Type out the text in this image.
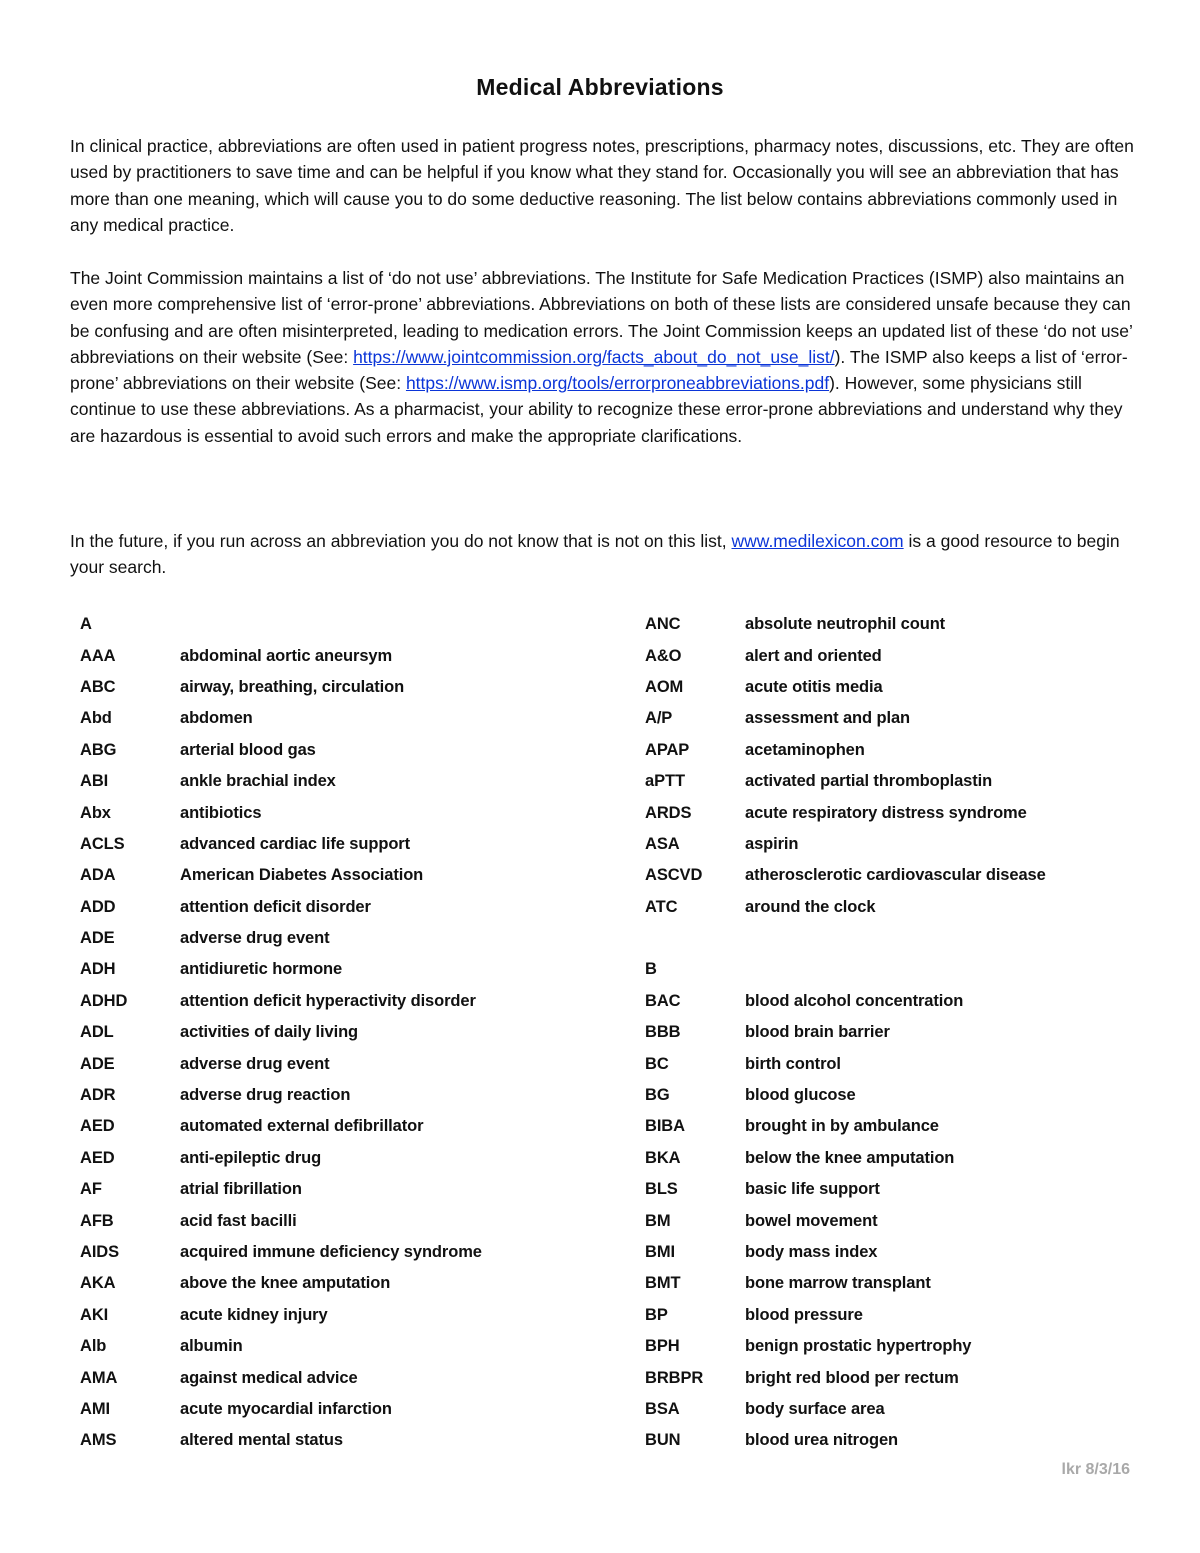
Medical Abbreviations

In clinical practice, abbreviations are often used in patient progress notes, prescriptions, pharmacy notes, discussions, etc. They are often used by practitioners to save time and can be helpful if you know what they stand for. Occasionally you will see an abbreviation that has more than one meaning, which will cause you to do some deductive reasoning. The list below contains abbreviations commonly used in any medical practice.

The Joint Commission maintains a list of ‘do not use’ abbreviations. The Institute for Safe Medication Practices (ISMP) also maintains an even more comprehensive list of ‘error-prone’ abbreviations. Abbreviations on both of these lists are considered unsafe because they can be confusing and are often misinterpreted, leading to medication errors. The Joint Commission keeps an updated list of these ‘do not use’ abbreviations on their website (See: https://www.jointcommission.org/facts_about_do_not_use_list/). The ISMP also keeps a list of ‘error-prone’ abbreviations on their website (See: https://www.ismp.org/tools/errorproneabbreviations.pdf). However, some physicians still continue to use these abbreviations. As a pharmacist, your ability to recognize these error-prone abbreviations and understand why they are hazardous is essential to avoid such errors and make the appropriate clarifications.

In the future, if you run across an abbreviation you do not know that is not on this list, www.medilexicon.com is a good resource to begin your search.

A
AAA	abdominal aortic aneursym
ABC	airway, breathing, circulation
Abd	abdomen
ABG	arterial blood gas
ABI	ankle brachial index
Abx	antibiotics
ACLS	advanced cardiac life support
ADA	American Diabetes Association
ADD	attention deficit disorder
ADE	adverse drug event
ADH	antidiuretic hormone
ADHD	attention deficit hyperactivity disorder
ADL	activities of daily living
ADE	adverse drug event
ADR	adverse drug reaction
AED	automated external defibrillator
AED	anti-epileptic drug
AF	atrial fibrillation
AFB	acid fast bacilli
AIDS	acquired immune deficiency syndrome
AKA	above the knee amputation
AKI	acute kidney injury
Alb	albumin
AMA	against medical advice
AMI	acute myocardial infarction
AMS	altered mental status
ANC	absolute neutrophil count
A&O	alert and oriented
AOM	acute otitis media
A/P	assessment and plan
APAP	acetaminophen
aPTT	activated partial thromboplastin
ARDS	acute respiratory distress syndrome
ASA	aspirin
ASCVD	atherosclerotic cardiovascular disease
ATC	around the clock
B
BAC	blood alcohol concentration
BBB	blood brain barrier
BC	birth control
BG	blood glucose
BIBA	brought in by ambulance
BKA	below the knee amputation
BLS	basic life support
BM	bowel movement
BMI	body mass index
BMT	bone marrow transplant
BP	blood pressure
BPH	benign prostatic hypertrophy
BRBPR	bright red blood per rectum
BSA	body surface area
BUN	blood urea nitrogen
lkr 8/3/16
